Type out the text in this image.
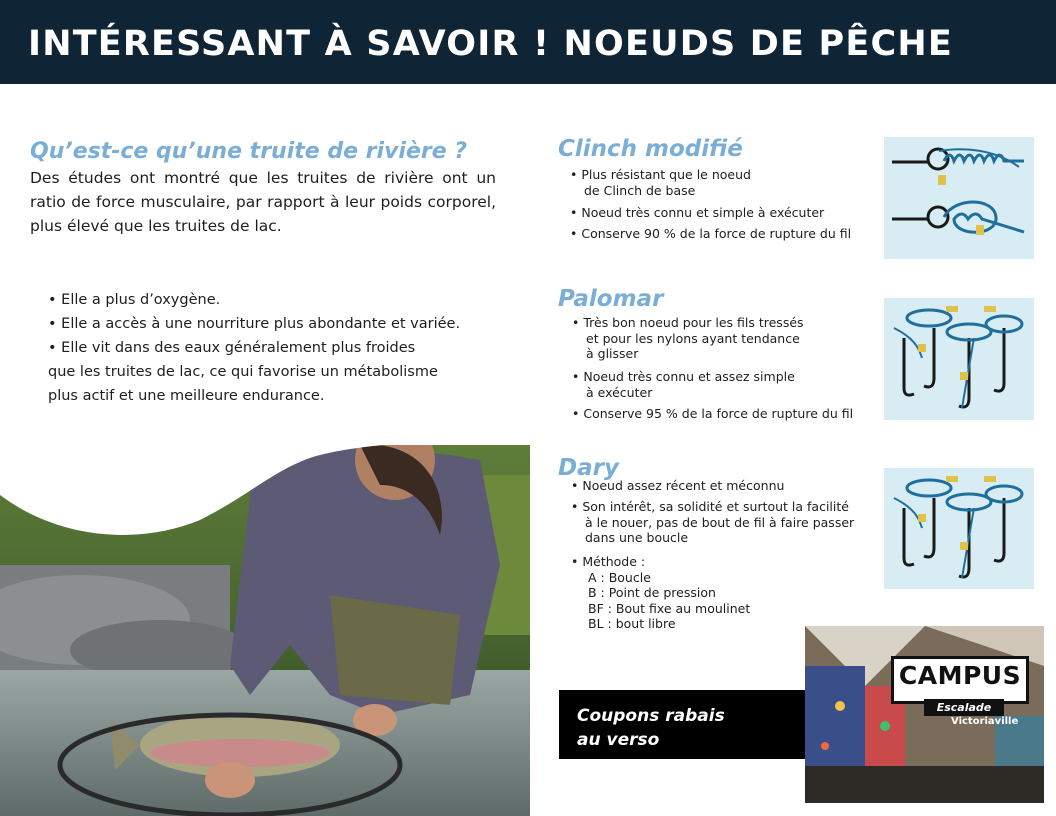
INTÉRESSANT À SAVOIR ! NOEUDS DE PÊCHE
Qu’est-ce qu’une truite de rivière ?
Des études ont montré que les truites de rivière ont un ratio de force musculaire, par rapport à leur poids corporel, plus élevé que les truites de lac.
• Elle a plus d’oxygène.
• Elle a accès à une nourriture plus abondante et variée.
• Elle vit dans des eaux généralement plus froides
que les truites de lac, ce qui favorise un métabolisme
plus actif et une meilleure endurance.
Clinch modifié
• Plus résistant que le noeud
de Clinch de base
• Noeud très connu et simple à exécuter
• Conserve 90 % de la force de rupture du fil
Palomar
• Très bon noeud pour les fils tressés
et pour les nylons ayant tendance
à glisser
• Noeud très connu et assez simple
à exécuter
• Conserve 95 % de la force de rupture du fil
Dary
• Noeud assez récent et méconnu
• Son intérêt, sa solidité et surtout la facilité
à le nouer, pas de bout de fil à faire passer
dans une boucle
• Méthode :
A : Boucle
B : Point de pression
BF : Bout fixe au moulinet
BL : bout libre
Coupons rabais
au verso
CAMPUS
Escalade
Victoriaville
